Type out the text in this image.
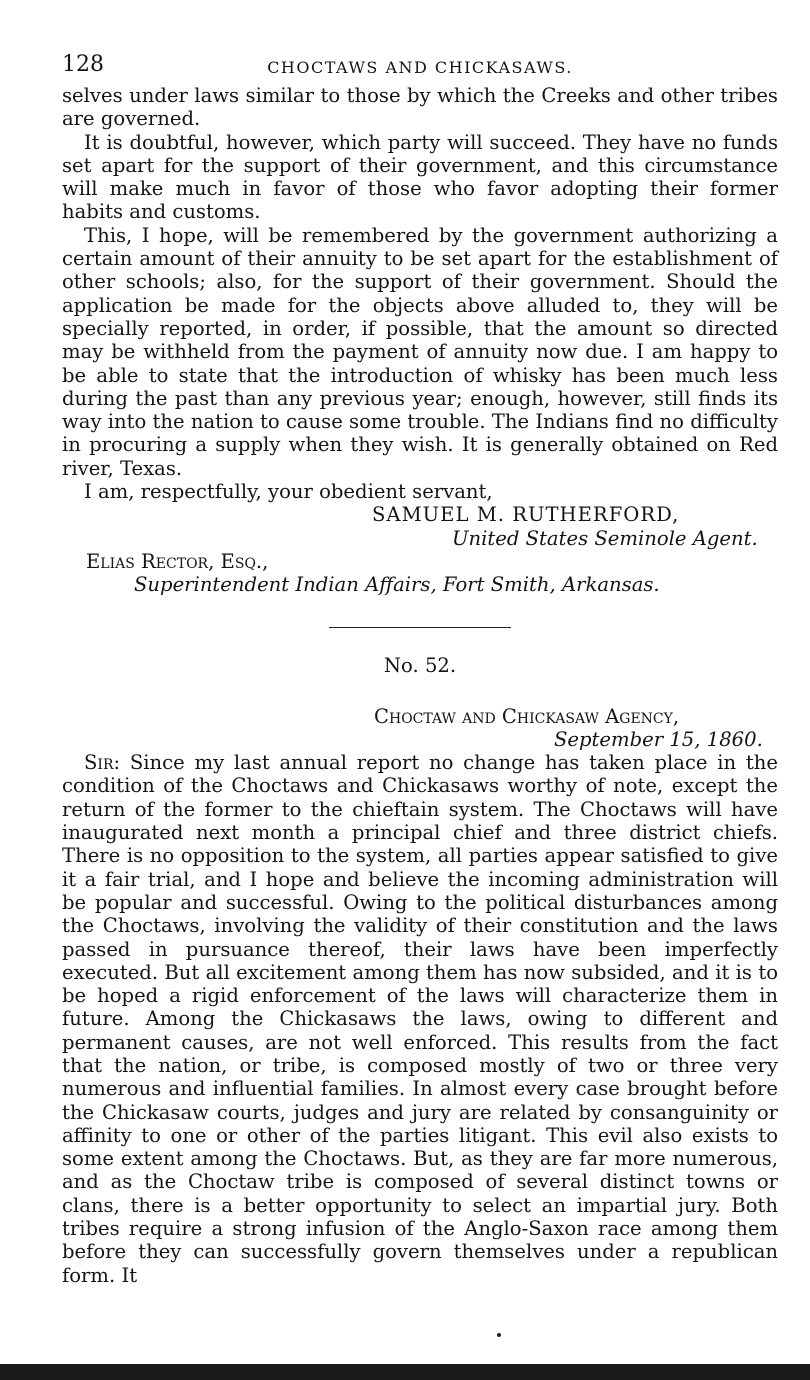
128	CHOCTAWS AND CHICKASAWS.

selves under laws similar to those by which the Creeks and other tribes are governed.

It is doubtful, however, which party will succeed. They have no funds set apart for the support of their government, and this circumstance will make much in favor of those who favor adopting their former habits and customs.

This, I hope, will be remembered by the government authorizing a certain amount of their annuity to be set apart for the establishment of other schools; also, for the support of their government. Should the application be made for the objects above alluded to, they will be specially reported, in order, if possible, that the amount so directed may be withheld from the payment of annuity now due. I am happy to be able to state that the introduction of whisky has been much less during the past than any previous year; enough, however, still finds its way into the nation to cause some trouble. The Indians find no difficulty in procuring a supply when they wish. It is generally obtained on Red river, Texas.

I am, respectfully, your obedient servant,

SAMUEL M. RUTHERFORD,
United States Seminole Agent.
Elias Rector, Esq.,
Superintendent Indian Affairs, Fort Smith, Arkansas.
No. 52.
Choctaw and Chickasaw Agency,
September 15, 1860.

Sir: Since my last annual report no change has taken place in the condition of the Choctaws and Chickasaws worthy of note, except the return of the former to the chieftain system. The Choctaws will have inaugurated next month a principal chief and three district chiefs. There is no opposition to the system, all parties appear satisfied to give it a fair trial, and I hope and believe the incoming administration will be popular and successful. Owing to the political disturbances among the Choctaws, involving the validity of their constitution and the laws passed in pursuance thereof, their laws have been imperfectly executed. But all excitement among them has now subsided, and it is to be hoped a rigid enforcement of the laws will characterize them in future. Among the Chickasaws the laws, owing to different and permanent causes, are not well enforced. This results from the fact that the nation, or tribe, is composed mostly of two or three very numerous and influential families. In almost every case brought before the Chickasaw courts, judges and jury are related by consanguinity or affinity to one or other of the parties litigant. This evil also exists to some extent among the Choctaws. But, as they are far more numerous, and as the Choctaw tribe is composed of several distinct towns or clans, there is a better opportunity to select an impartial jury. Both tribes require a strong infusion of the Anglo-Saxon race among them before they can successfully govern themselves under a republican form. It
